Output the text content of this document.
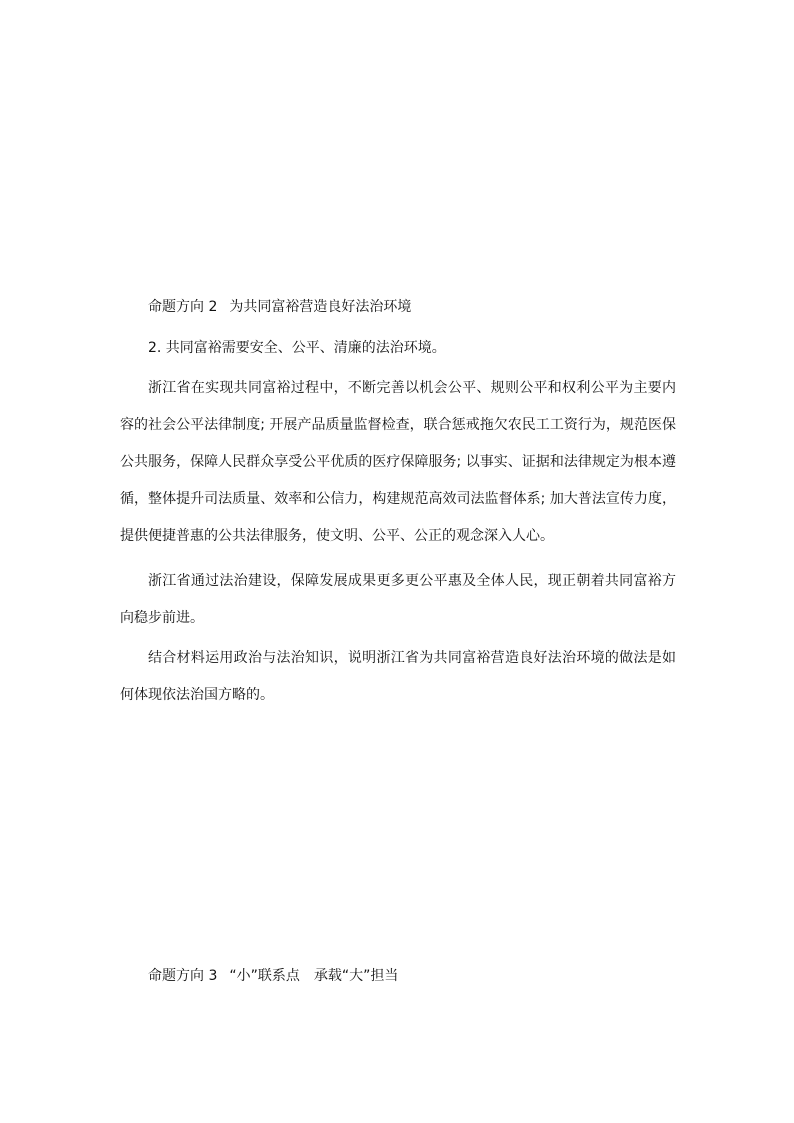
命题方向 2 为共同富裕营造良好法治环境
2. 共同富裕需要安全、公平、清廉的法治环境。

浙江省在实现共同富裕过程中，不断完善以机会公平、规则公平和权利公平为主要内容的社会公平法律制度; 开展产品质量监督检查，联合惩戒拖欠农民工工资行为，规范医保公共服务，保障人民群众享受公平优质的医疗保障服务; 以事实、证据和法律规定为根本遵循，整体提升司法质量、效率和公信力，构建规范高效司法监督体系; 加大普法宣传力度，提供便捷普惠的公共法律服务，使文明、公平、公正的观念深入人心。

浙江省通过法治建设，保障发展成果更多更公平惠及全体人民，现正朝着共同富裕方向稳步前进。

结合材料运用政治与法治知识，说明浙江省为共同富裕营造良好法治环境的做法是如何体现依法治国方略的。

命题方向 3 “小”联系点　承载“大”担当
